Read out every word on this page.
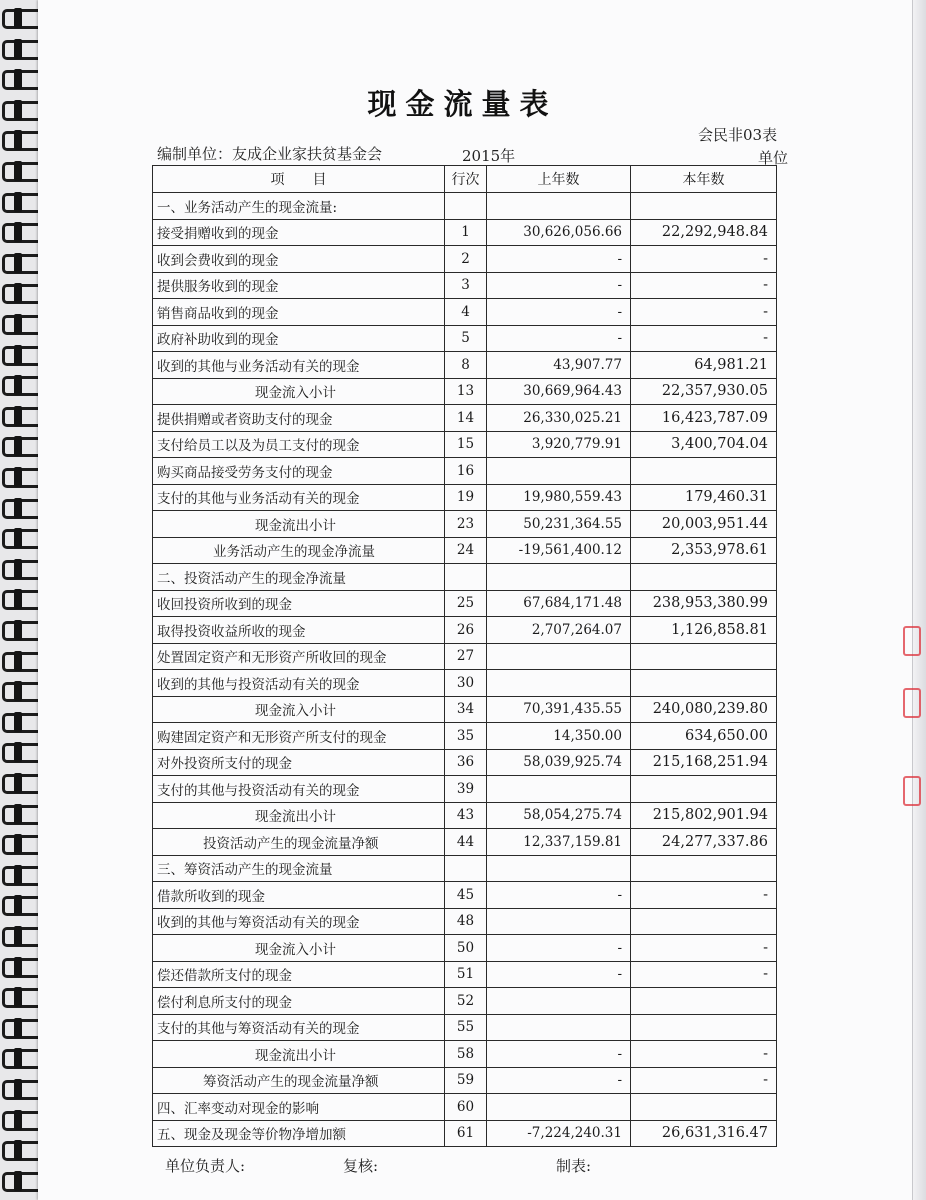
现金流量表
会民非03表
编制单位：友成企业家扶贫基金会	2015年	单位
项　　目	行次	上年数	本年数
一、业务活动产生的现金流量:			
接受捐赠收到的现金	1	30,626,056.66	22,292,948.84
收到会费收到的现金	2	-	-
提供服务收到的现金	3	-	-
销售商品收到的现金	4	-	-
政府补助收到的现金	5	-	-
收到的其他与业务活动有关的现金	8	43,907.77	64,981.21
现金流入小计	13	30,669,964.43	22,357,930.05
提供捐赠或者资助支付的现金	14	26,330,025.21	16,423,787.09
支付给员工以及为员工支付的现金	15	3,920,779.91	3,400,704.04
购买商品接受劳务支付的现金	16		
支付的其他与业务活动有关的现金	19	19,980,559.43	179,460.31
现金流出小计	23	50,231,364.55	20,003,951.44
业务活动产生的现金净流量	24	-19,561,400.12	2,353,978.61
二、投资活动产生的现金净流量			
收回投资所收到的现金	25	67,684,171.48	238,953,380.99
取得投资收益所收的现金	26	2,707,264.07	1,126,858.81
处置固定资产和无形资产所收回的现金	27		
收到的其他与投资活动有关的现金	30		
现金流入小计	34	70,391,435.55	240,080,239.80
购建固定资产和无形资产所支付的现金	35	14,350.00	634,650.00
对外投资所支付的现金	36	58,039,925.74	215,168,251.94
支付的其他与投资活动有关的现金	39		
现金流出小计	43	58,054,275.74	215,802,901.94
投资活动产生的现金流量净额	44	12,337,159.81	24,277,337.86
三、筹资活动产生的现金流量			
借款所收到的现金	45	-	-
收到的其他与筹资活动有关的现金	48		
现金流入小计	50	-	-
偿还借款所支付的现金	51	-	-
偿付利息所支付的现金	52		
支付的其他与筹资活动有关的现金	55		
现金流出小计	58	-	-
筹资活动产生的现金流量净额	59	-	-
四、汇率变动对现金的影响	60		
五、现金及现金等价物净增加额	61	-7,224,240.31	26,631,316.47
单位负责人:	复核:	制表:
